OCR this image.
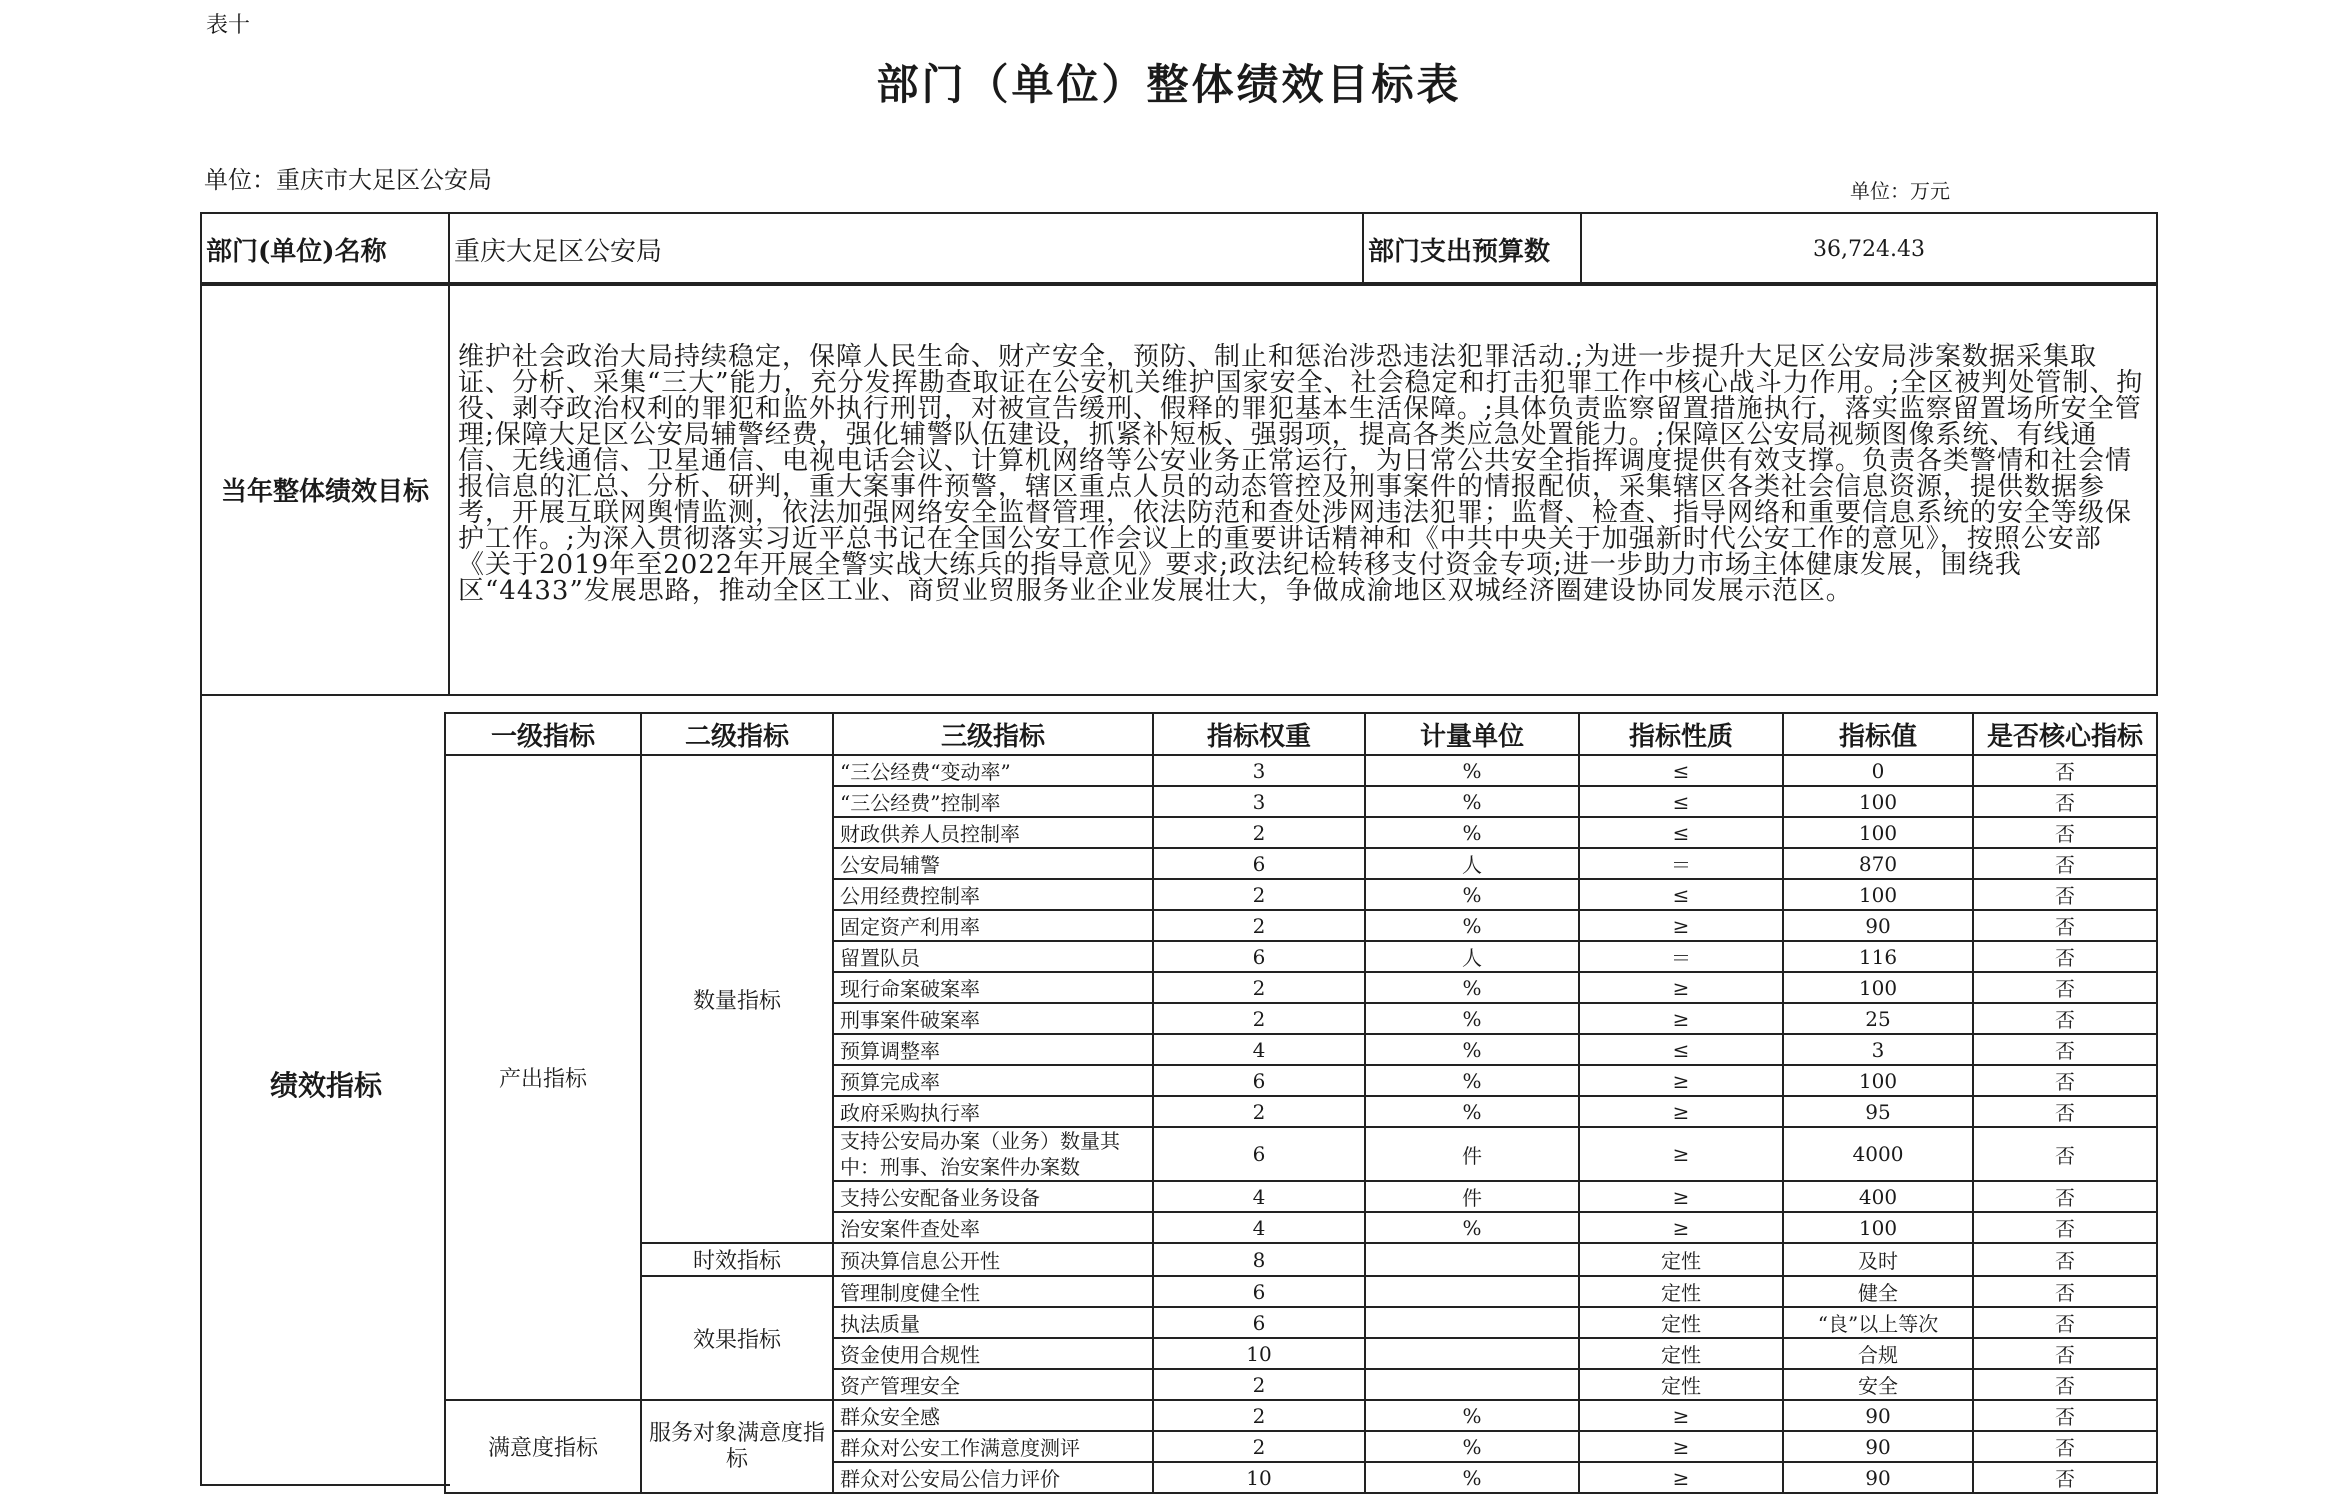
表十
部门（单位）整体绩效目标表
单位：重庆市大足区公安局	单位：万元
部门(单位)名称	重庆大足区公安局	部门支出预算数	36,724.43
当年整体绩效目标	维护社会政治大局持续稳定，保障人民生命、财产安全，预防、制止和惩治涉恐违法犯罪活动.;为进一步提升大足区公安局涉案数据采集取证、分析、采集“三大”能力，充分发挥勘查取证在公安机关维护国家安全、社会稳定和打击犯罪工作中核心战斗力作用。;全区被判处管制、拘役、剥夺政治权利的罪犯和监外执行刑罚，对被宣告缓刑、假释的罪犯基本生活保障。;具体负责监察留置措施执行，落实监察留置场所安全管理;保障大足区公安局辅警经费，强化辅警队伍建设，抓紧补短板、强弱项，提高各类应急处置能力。;保障区公安局视频图像系统、有线通信、无线通信、卫星通信、电视电话会议、计算机网络等公安业务正常运行，为日常公共安全指挥调度提供有效支撑。负责各类警情和社会情报信息的汇总、分析、研判，重大案事件预警，辖区重点人员的动态管控及刑事案件的情报配侦，采集辖区各类社会信息资源，提供数据参考，开展互联网舆情监测，依法加强网络安全监督管理，依法防范和查处涉网违法犯罪；监督、检查、指导网络和重要信息系统的安全等级保护工作。;为深入贯彻落实习近平总书记在全国公安工作会议上的重要讲话精神和《中共中央关于加强新时代公安工作的意见》，按照公安部《关于2019年至2022年开展全警实战大练兵的指导意见》要求;政法纪检转移支付资金专项;进一步助力市场主体健康发展，围绕我区“4433”发展思路，推动全区工业、商贸业贸服务业企业发展壮大，争做成渝地区双城经济圈建设协同发展示范区。
绩效指标
一级指标	二级指标	三级指标	指标权重	计量单位	指标性质	指标值	是否核心指标
产出指标	数量指标	“三公经费“变动率”	3	%	≤	0	否
		“三公经费”控制率	3	%	≤	100	否
		财政供养人员控制率	2	%	≤	100	否
		公安局辅警	6	人	＝	870	否
		公用经费控制率	2	%	≤	100	否
		固定资产利用率	2	%	≥	90	否
		留置队员	6	人	＝	116	否
		现行命案破案率	2	%	≥	100	否
		刑事案件破案率	2	%	≥	25	否
		预算调整率	4	%	≤	3	否
		预算完成率	6	%	≥	100	否
		政府采购执行率	2	%	≥	95	否
		支持公安局办案（业务）数量其中：刑事、治安案件办案数	6	件	≥	4000	否
		支持公安配备业务设备	4	件	≥	400	否
		治安案件查处率	4	%	≥	100	否
	时效指标	预决算信息公开性	8		定性	及时	否
	效果指标	管理制度健全性	6		定性	健全	否
		执法质量	6		定性	“良”以上等次	否
		资金使用合规性	10		定性	合规	否
		资产管理安全	2		定性	安全	否
满意度指标	服务对象满意度指标	群众安全感	2	%	≥	90	否
		群众对公安工作满意度测评	2	%	≥	90	否
		群众对公安局公信力评价	10	%	≥	90	否
